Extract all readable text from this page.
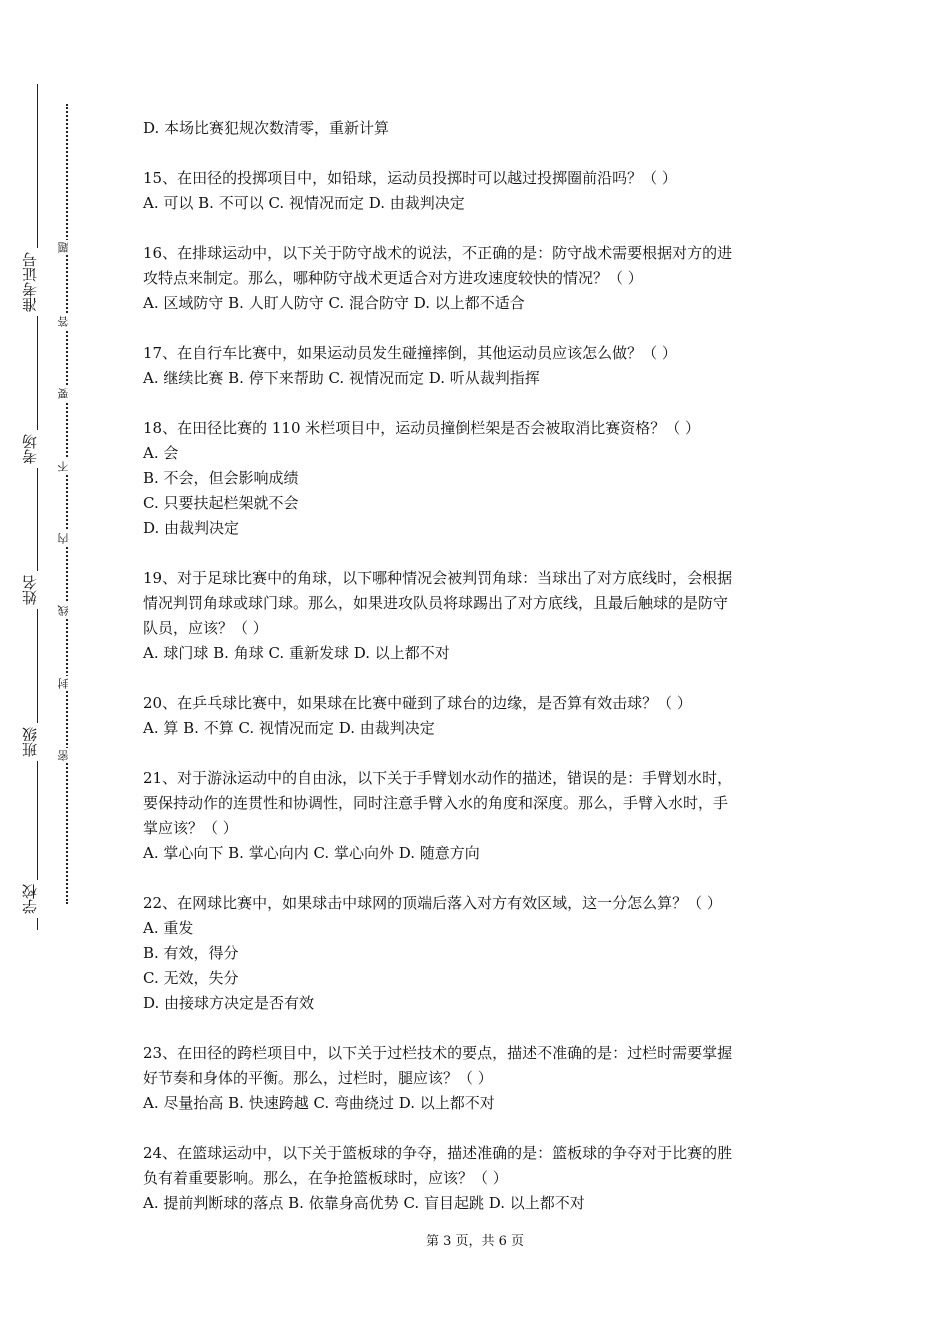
准考证号
考场
姓名
班级
学校
题
答
要
不
内
线
封
密
D. 本场比赛犯规次数清零，重新计算
15、在田径的投掷项目中，如铅球，运动员投掷时可以越过投掷圈前沿吗？（ ）
A. 可以 B. 不可以 C. 视情况而定 D. 由裁判决定
16、在排球运动中，以下关于防守战术的说法，不正确的是：防守战术需要根据对方的进
攻特点来制定。那么，哪种防守战术更适合对方进攻速度较快的情况？（ ）
A. 区域防守 B. 人盯人防守 C. 混合防守 D. 以上都不适合
17、在自行车比赛中，如果运动员发生碰撞摔倒，其他运动员应该怎么做？（ ）
A. 继续比赛 B. 停下来帮助 C. 视情况而定 D. 听从裁判指挥
18、在田径比赛的 110 米栏项目中，运动员撞倒栏架是否会被取消比赛资格？（ ）
A. 会
B. 不会，但会影响成绩
C. 只要扶起栏架就不会
D. 由裁判决定
19、对于足球比赛中的角球，以下哪种情况会被判罚角球：当球出了对方底线时，会根据
情况判罚角球或球门球。那么，如果进攻队员将球踢出了对方底线，且最后触球的是防守
队员，应该？（ ）
A. 球门球 B. 角球 C. 重新发球 D. 以上都不对
20、在乒乓球比赛中，如果球在比赛中碰到了球台的边缘，是否算有效击球？（ ）
A. 算 B. 不算 C. 视情况而定 D. 由裁判决定
21、对于游泳运动中的自由泳，以下关于手臂划水动作的描述，错误的是：手臂划水时，
要保持动作的连贯性和协调性，同时注意手臂入水的角度和深度。那么，手臂入水时，手
掌应该？（ ）
A. 掌心向下 B. 掌心向内 C. 掌心向外 D. 随意方向
22、在网球比赛中，如果球击中球网的顶端后落入对方有效区域，这一分怎么算？（ ）
A. 重发
B. 有效，得分
C. 无效，失分
D. 由接球方决定是否有效
23、在田径的跨栏项目中，以下关于过栏技术的要点，描述不准确的是：过栏时需要掌握
好节奏和身体的平衡。那么，过栏时，腿应该？（ ）
A. 尽量抬高 B. 快速跨越 C. 弯曲绕过 D. 以上都不对
24、在篮球运动中，以下关于篮板球的争夺，描述准确的是：篮板球的争夺对于比赛的胜
负有着重要影响。那么，在争抢篮板球时，应该？（ ）
A. 提前判断球的落点 B. 依靠身高优势 C. 盲目起跳 D. 以上都不对
第 3 页，共 6 页
